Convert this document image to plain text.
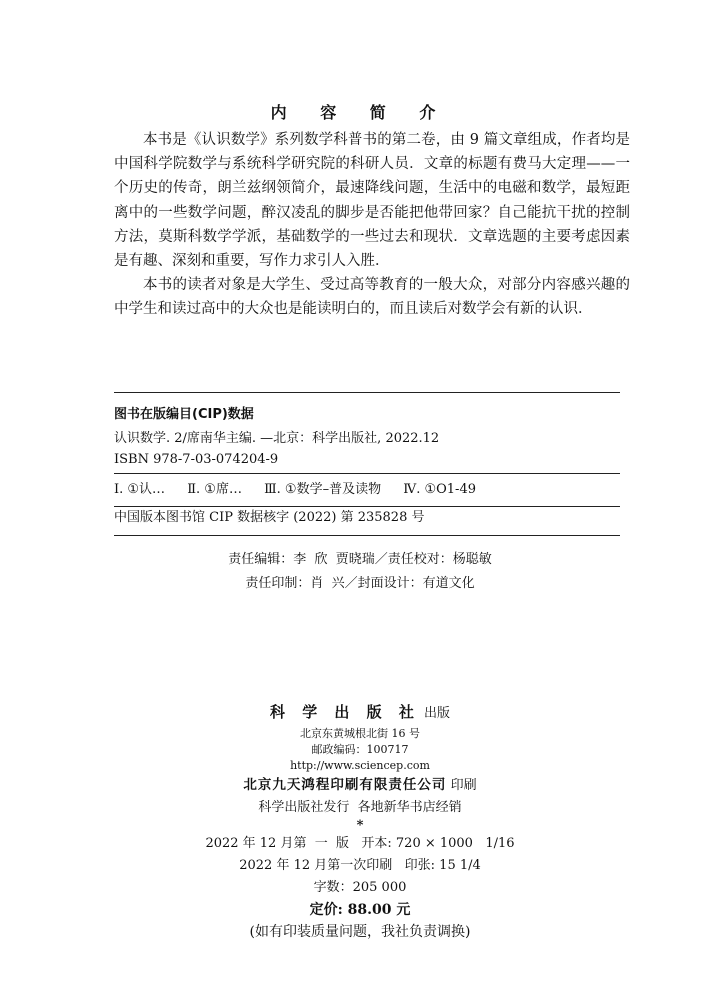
内 容 简 介

本书是《认识数学》系列数学科普书的第二卷，由 9 篇文章组成，作者均是中国科学院数学与系统科学研究院的科研人员．文章的标题有费马大定理——一个历史的传奇，朗兰兹纲领简介，最速降线问题，生活中的电磁和数学，最短距离中的一些数学问题，醉汉凌乱的脚步是否能把他带回家？自己能抗干扰的控制方法，莫斯科数学学派，基础数学的一些过去和现状．文章选题的主要考虑因素是有趣、深刻和重要，写作力求引人入胜．

本书的读者对象是大学生、受过高等教育的一般大众，对部分内容感兴趣的中学生和读过高中的大众也是能读明白的，而且读后对数学会有新的认识．

图书在版编目(CIP)数据
认识数学. 2/席南华主编. —北京：科学出版社, 2022.12
ISBN 978-7-03-074204-9
Ⅰ. ①认… Ⅱ. ①席… Ⅲ. ①数学–普及读物 Ⅳ. ①O1-49
中国版本图书馆 CIP 数据核字 (2022) 第 235828 号
责任编辑：李  欣  贾晓瑞／责任校对：杨聪敏
责任印制：肖  兴／封面设计：有道文化
科 学 出 版 社 出版
北京东黄城根北街 16 号
邮政编码：100717
http://www.sciencep.com
北京九天鸿程印刷有限责任公司 印刷
科学出版社发行  各地新华书店经销
*
2022 年 12 月第  一  版   开本: 720 × 1000   1/16
2022 年 12 月第一次印刷   印张: 15 1/4
字数：205 000
定价: 88.00 元
(如有印装质量问题，我社负责调换)
